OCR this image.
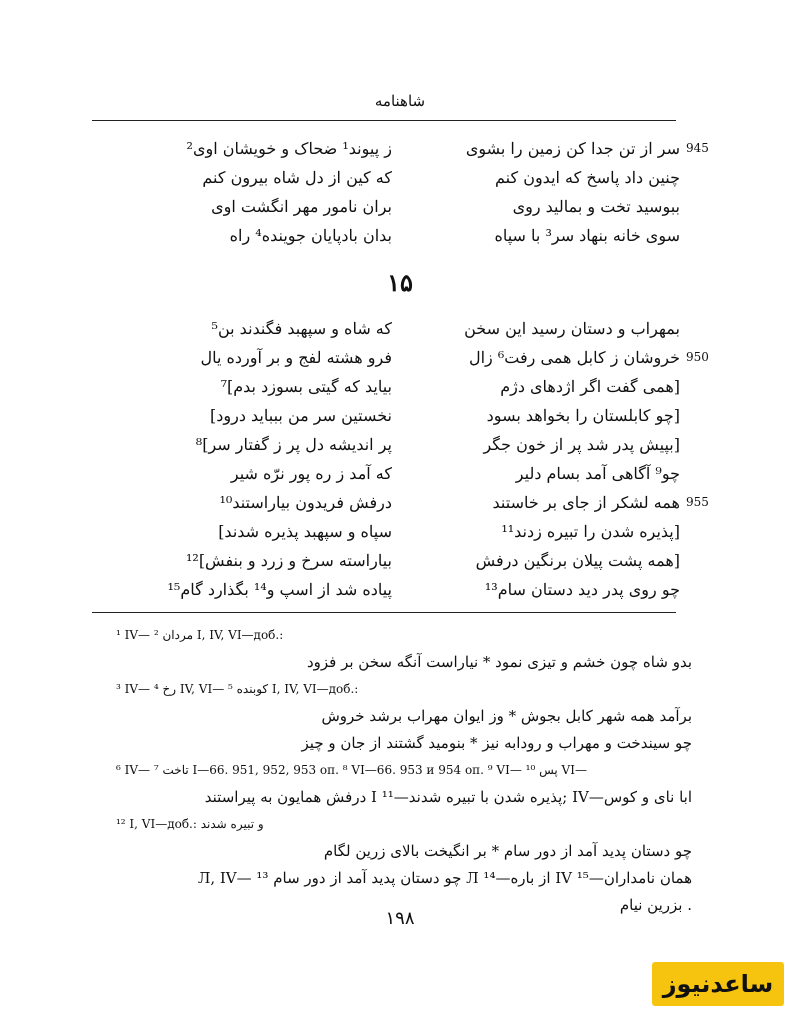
شاهنامه
945
سر از تن جدا کن زمین را بشوی
ز پیوند¹ ضحاک و خویشان اوی²
چنین داد پاسخ که ایدون کنم
که کین از دل شاه بیرون کنم
ببوسید تخت و بمالید روی
بران نامور مهر انگشت اوی
سوی خانه بنهاد سر³ با سپاه
بدان بادپایان جوینده⁴ راه
۱۵
بمهراب و دستان رسید این سخن
که شاه و سپهبد فگندند بن⁵
950
خروشان ز کابل همی رفت⁶ زال
فرو هشته لفج و بر آورده یال
[همی گفت اگر اژدهای دژم
بیاید که گیتی بسوزد بدم]⁷
[چو کابلستان را بخواهد بسود
نخستین سر من ببباید درود]
[بپیش پدر شد پر از خون جگر
پر اندیشه دل پر ز گفتار سر]⁸
چو⁹ آگاهی آمد بسام دلیر
که آمد ز ره پور نرّه شیر
955
همه لشکر از جای بر خاستند
درفش فریدون بیاراستند¹⁰
[پذیره شدن را تبیره زدند¹¹
سپاه و سپهبد پذیره شدند]
[همه پشت پیلان برنگین درفش
بیاراسته سرخ و زرد و بنفش]¹²
چو روی پدر دید دستان سام¹³
پیاده شد از اسپ و¹⁴ بگذارد گام¹⁵
¹ IV— مردان ² I, IV, VI—доб.:
بدو شاه چون خشم و تیزی نمود * نیاراست آنگه سخن بر فزود
³ IV— رخ ⁴ IV, VI— کوبنده ⁵ I, IV, VI—доб.:
برآمد همه شهر کابل بجوش * وز ایوان مهراب برشد خروش
چو سیندخت و مهراب و رودابه نیز * بنومید گشتند از جان و چیز
⁶ IV— تاخت ⁷ I—66. 951, 952, 953 оп. ⁸ VI—66. 953 и 954 оп. ⁹ VI— پس ¹⁰ VI—
ابا نای و کوس—IV ;پذیره شدن با تبیره شدند—I ¹¹ درفش همایون به پیراستند
¹² I, VI—доб.: و تبیره شدند
چو دستان پدید آمد از دور سام * بر انگیخت بالای زرین لگام
همان نامداران—IV ¹⁵ از باره—Л ¹⁴ چو دستان پدید آمد از دور سام Л, IV— ¹³
. بزرین نیام
۱۹۸
ساعدنیوز
